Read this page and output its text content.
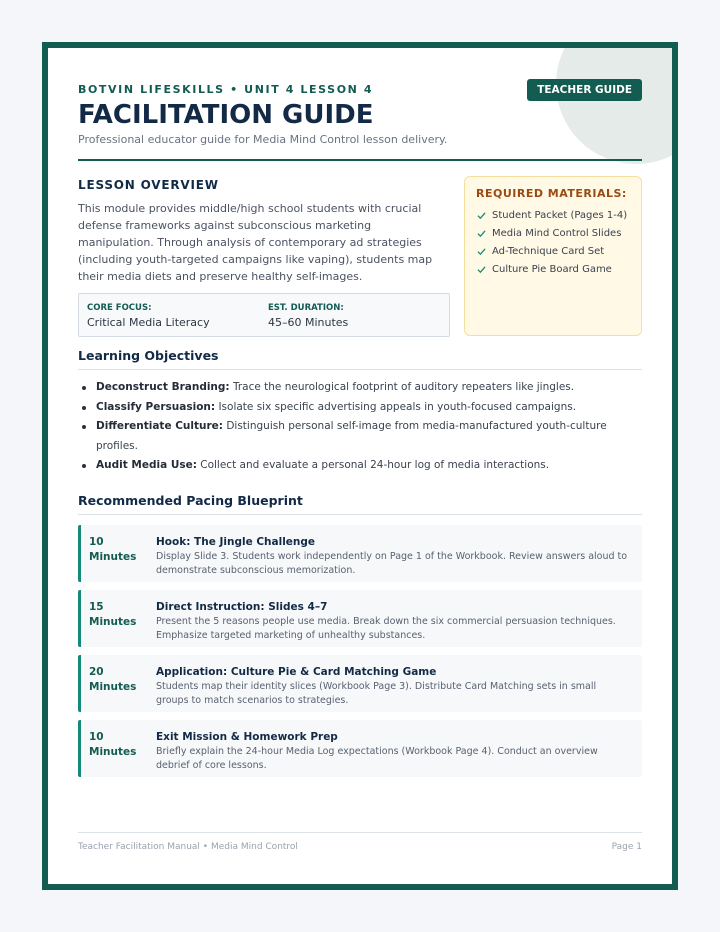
BOTVIN LIFESKILLS • UNIT 4 LESSON 4
FACILITATION GUIDE
Professional educator guide for Media Mind Control lesson delivery.
TEACHER GUIDE
LESSON OVERVIEW
This module provides middle/high school students with crucial defense frameworks against subconscious marketing manipulation. Through analysis of contemporary ad strategies (including youth-targeted campaigns like vaping), students map their media diets and preserve healthy self-images.
CORE FOCUS:
Critical Media Literacy
EST. DURATION:
45–60 Minutes
REQUIRED MATERIALS:
Student Packet (Pages 1-4)
Media Mind Control Slides
Ad-Technique Card Set
Culture Pie Board Game
Learning Objectives
Deconstruct Branding: Trace the neurological footprint of auditory repeaters like jingles.
Classify Persuasion: Isolate six specific advertising appeals in youth-focused campaigns.
Differentiate Culture: Distinguish personal self-image from media-manufactured youth-culture profiles.
Audit Media Use: Collect and evaluate a personal 24-hour log of media interactions.
Recommended Pacing Blueprint
10
Minutes
Hook: The Jingle Challenge
Display Slide 3. Students work independently on Page 1 of the Workbook. Review answers aloud to demonstrate subconscious memorization.
15
Minutes
Direct Instruction: Slides 4–7
Present the 5 reasons people use media. Break down the six commercial persuasion techniques. Emphasize targeted marketing of unhealthy substances.
20
Minutes
Application: Culture Pie & Card Matching Game
Students map their identity slices (Workbook Page 3). Distribute Card Matching sets in small groups to match scenarios to strategies.
10
Minutes
Exit Mission & Homework Prep
Briefly explain the 24-hour Media Log expectations (Workbook Page 4). Conduct an overview debrief of core lessons.
Teacher Facilitation Manual • Media Mind Control	Page 1
